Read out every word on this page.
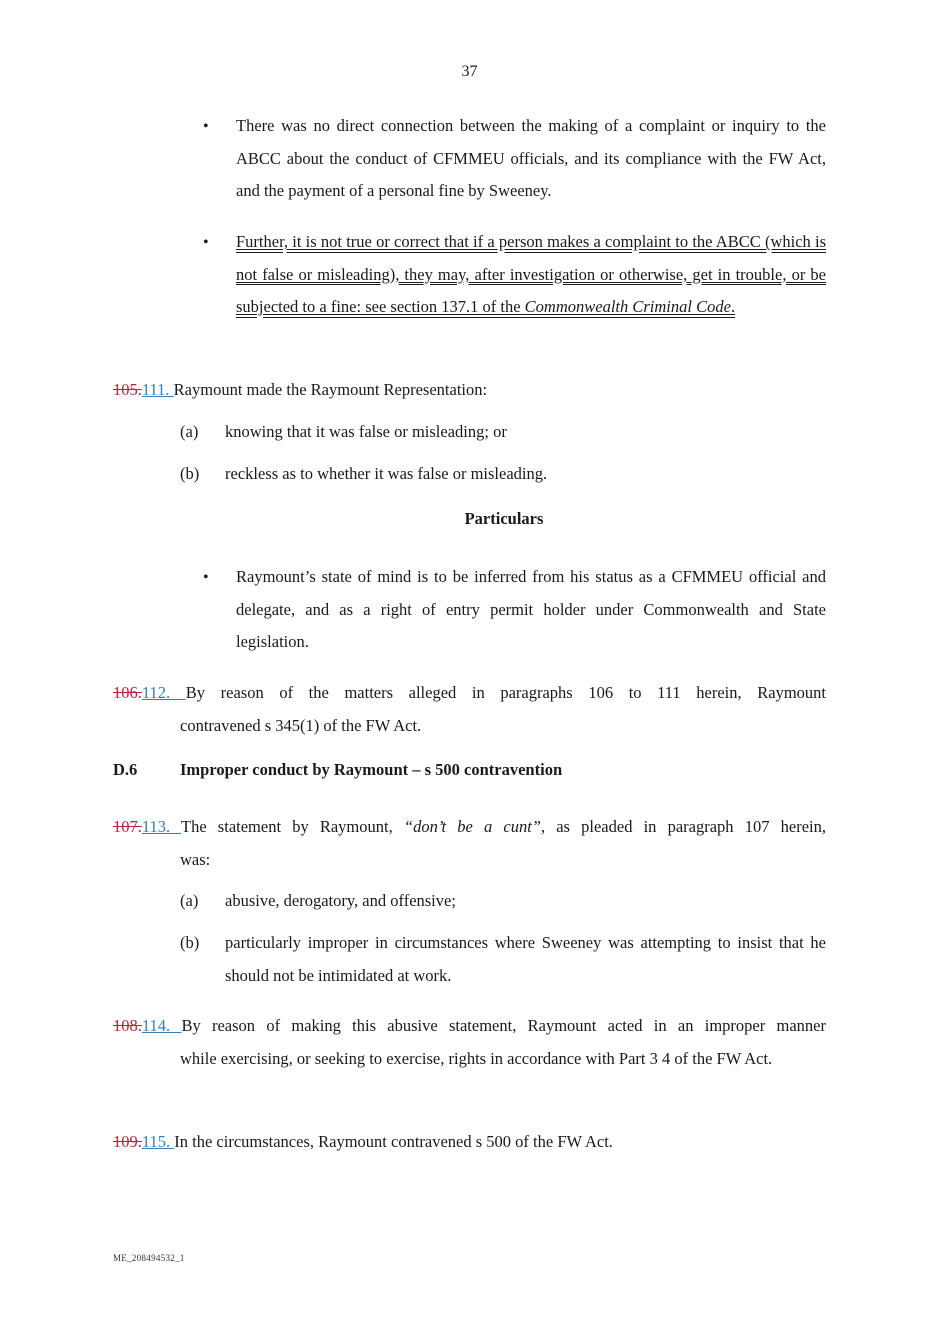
37
• There was no direct connection between the making of a complaint or inquiry to the ABCC about the conduct of CFMMEU officials, and its compliance with the FW Act, and the payment of a personal fine by Sweeney.
• Further, it is not true or correct that if a person makes a complaint to the ABCC (which is not false or misleading), they may, after investigation or otherwise, get in trouble, or be subjected to a fine: see section 137.1 of the Commonwealth Criminal Code.
105.111. Raymount made the Raymount Representation:
(a) knowing that it was false or misleading; or
(b) reckless as to whether it was false or misleading.
Particulars
• Raymount’s state of mind is to be inferred from his status as a CFMMEU official and delegate, and as a right of entry permit holder under Commonwealth and State legislation.
106.112. By reason of the matters alleged in paragraphs 106 to 111 herein, Raymount
contravened s 345(1) of the FW Act.
D.6	Improper conduct by Raymount – s 500 contravention
107.113. The statement by Raymount, “don’t be a cunt”, as pleaded in paragraph 107 herein,
was:
(a) abusive, derogatory, and offensive;
(b) particularly improper in circumstances where Sweeney was attempting to insist that he should not be intimidated at work.
108.114. By reason of making this abusive statement, Raymount acted in an improper manner
while exercising, or seeking to exercise, rights in accordance with Part 3 4 of the FW Act.
109.115. In the circumstances, Raymount contravened s 500 of the FW Act.
ME_208494532_1
